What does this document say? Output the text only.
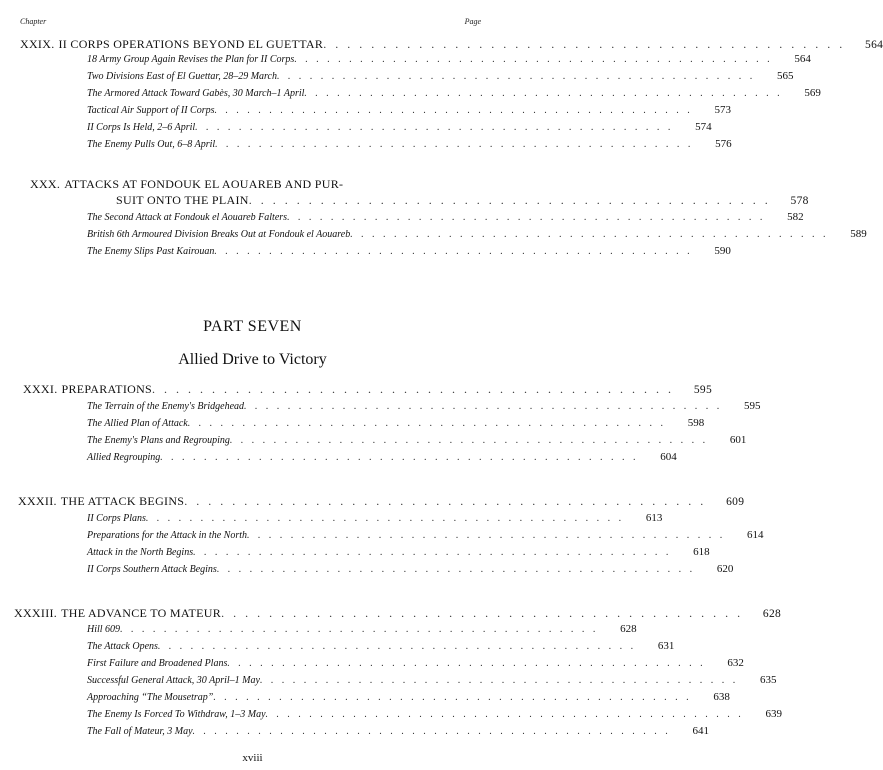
Chapter	Page
PART SEVEN
Allied Drive to Victory
XXIX. II CORPS OPERATIONS BEYOND EL GUETTAR . . . . . . . . . . . . . . . . . . . . . . . . . . . . . . . . . . . . . . . . . . . .	564
18 Army Group Again Revises the Plan for II Corps . . . . . . . . . . . . . . . . . . . . . . . . . . . . . . . . . . . . . . . . . . . .	564
Two Divisions East of El Guettar, 28–29 March . . . . . . . . . . . . . . . . . . . . . . . . . . . . . . . . . . . . . . . . . . . .	565
The Armored Attack Toward Gabès, 30 March–1 April . . . . . . . . . . . . . . . . . . . . . . . . . . . . . . . . . . . . . . . . . . . .	569
Tactical Air Support of II Corps . . . . . . . . . . . . . . . . . . . . . . . . . . . . . . . . . . . . . . . . . . . .	573
II Corps Is Held, 2–6 April . . . . . . . . . . . . . . . . . . . . . . . . . . . . . . . . . . . . . . . . . . . .	574
The Enemy Pulls Out, 6–8 April . . . . . . . . . . . . . . . . . . . . . . . . . . . . . . . . . . . . . . . . . . . .	576
XXX. ATTACKS AT FONDOUK EL AOUAREB AND PUR-
SUIT ONTO THE PLAIN . . . . . . . . . . . . . . . . . . . . . . . . . . . . . . . . . . . . . . . . . . . .	578
The Second Attack at Fondouk el Aouareb Falters . . . . . . . . . . . . . . . . . . . . . . . . . . . . . . . . . . . . . . . . . . . .	582
British 6th Armoured Division Breaks Out at Fondouk el Aouareb . . . . . . . . . . . . . . . . . . . . . . . . . . . . . . . . . . . . . . . . . . . .	589
The Enemy Slips Past Kairouan . . . . . . . . . . . . . . . . . . . . . . . . . . . . . . . . . . . . . . . . . . . .	590
XXXI. PREPARATIONS . . . . . . . . . . . . . . . . . . . . . . . . . . . . . . . . . . . . . . . . . . . .	595
The Terrain of the Enemy's Bridgehead . . . . . . . . . . . . . . . . . . . . . . . . . . . . . . . . . . . . . . . . . . . .	595
The Allied Plan of Attack . . . . . . . . . . . . . . . . . . . . . . . . . . . . . . . . . . . . . . . . . . . .	598
The Enemy's Plans and Regrouping . . . . . . . . . . . . . . . . . . . . . . . . . . . . . . . . . . . . . . . . . . . .	601
Allied Regrouping . . . . . . . . . . . . . . . . . . . . . . . . . . . . . . . . . . . . . . . . . . . .	604
XXXII. THE ATTACK BEGINS . . . . . . . . . . . . . . . . . . . . . . . . . . . . . . . . . . . . . . . . . . . .	609
II Corps Plans . . . . . . . . . . . . . . . . . . . . . . . . . . . . . . . . . . . . . . . . . . . .	613
Preparations for the Attack in the North . . . . . . . . . . . . . . . . . . . . . . . . . . . . . . . . . . . . . . . . . . . .	614
Attack in the North Begins . . . . . . . . . . . . . . . . . . . . . . . . . . . . . . . . . . . . . . . . . . . .	618
II Corps Southern Attack Begins . . . . . . . . . . . . . . . . . . . . . . . . . . . . . . . . . . . . . . . . . . . .	620
XXXIII. THE ADVANCE TO MATEUR . . . . . . . . . . . . . . . . . . . . . . . . . . . . . . . . . . . . . . . . . . . .	628
Hill 609 . . . . . . . . . . . . . . . . . . . . . . . . . . . . . . . . . . . . . . . . . . . .	628
The Attack Opens . . . . . . . . . . . . . . . . . . . . . . . . . . . . . . . . . . . . . . . . . . . .	631
First Failure and Broadened Plans . . . . . . . . . . . . . . . . . . . . . . . . . . . . . . . . . . . . . . . . . . . .	632
Successful General Attack, 30 April–1 May . . . . . . . . . . . . . . . . . . . . . . . . . . . . . . . . . . . . . . . . . . . .	635
Approaching “The Mousetrap” . . . . . . . . . . . . . . . . . . . . . . . . . . . . . . . . . . . . . . . . . . . .	638
The Enemy Is Forced To Withdraw, 1–3 May . . . . . . . . . . . . . . . . . . . . . . . . . . . . . . . . . . . . . . . . . . . .	639
The Fall of Mateur, 3 May . . . . . . . . . . . . . . . . . . . . . . . . . . . . . . . . . . . . . . . . . . . .	641
xviii
